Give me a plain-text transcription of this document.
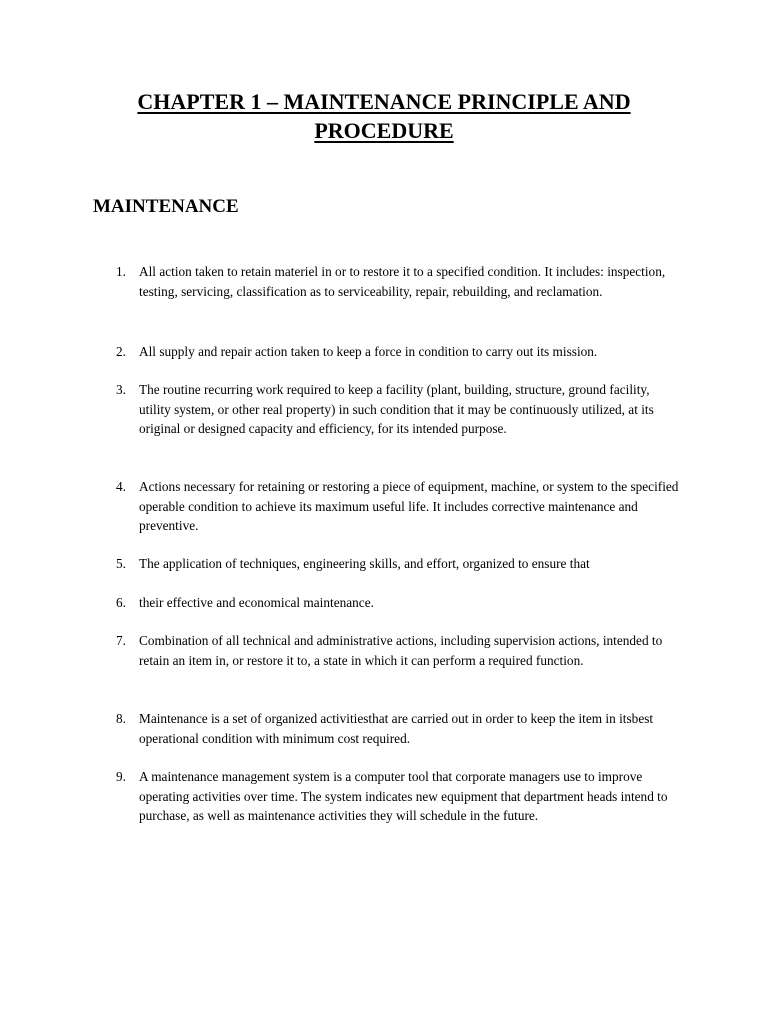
CHAPTER 1 – MAINTENANCE PRINCIPLE AND PROCEDURE
MAINTENANCE
1. All action taken to retain materiel in or to restore it to a specified condition. It includes: inspection, testing, servicing, classification as to serviceability, repair, rebuilding, and reclamation.
2. All supply and repair action taken to keep a force in condition to carry out its mission.
3. The routine recurring work required to keep a facility (plant, building, structure, ground facility, utility system, or other real property) in such condition that it may be continuously utilized, at its original or designed capacity and efficiency, for its intended purpose.
4. Actions necessary for retaining or restoring a piece of equipment, machine, or system to the specified operable condition to achieve its maximum useful life. It includes corrective maintenance and preventive.
5. The application of techniques, engineering skills, and effort, organized to ensure that
6. their effective and economical maintenance.
7. Combination of all technical and administrative actions, including supervision actions, intended to retain an item in, or restore it to, a state in which it can perform a required function.
8. Maintenance is a set of organized activitiesthat are carried out in order to keep the item in itsbest operational condition with minimum cost required.
9. A maintenance management system is a computer tool that corporate managers use to improve operating activities over time. The system indicates new equipment that department heads intend to purchase, as well as maintenance activities they will schedule in the future.
